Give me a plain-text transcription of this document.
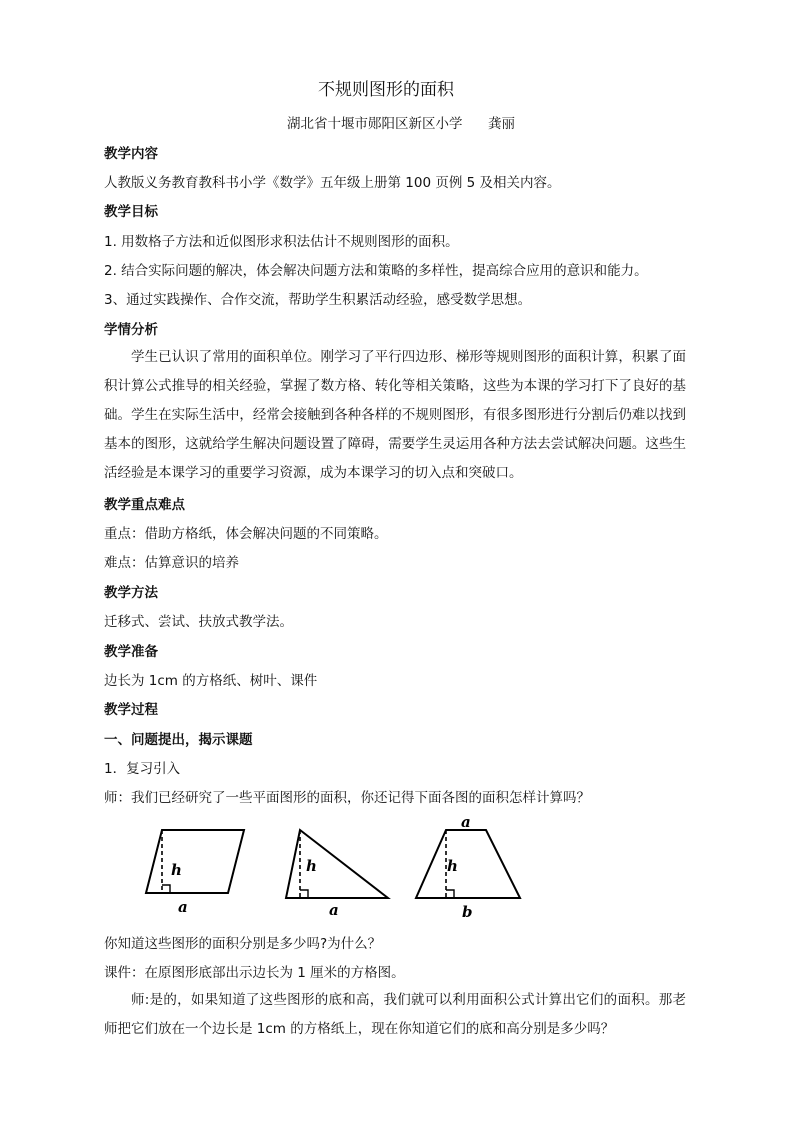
不规则图形的面积
湖北省十堰市郧阳区新区小学 龚丽
教学内容
人教版义务教育教科书小学《数学》五年级上册第 100 页例 5 及相关内容。
教学目标
1. 用数格子方法和近似图形求积法估计不规则图形的面积。
2. 结合实际问题的解决，体会解决问题方法和策略的多样性，提高综合应用的意识和能力。
3、通过实践操作、合作交流，帮助学生积累活动经验，感受数学思想。
学情分析
学生已认识了常用的面积单位。刚学习了平行四边形、梯形等规则图形的面积计算，积累了面积计算公式推导的相关经验，掌握了数方格、转化等相关策略，这些为本课的学习打下了良好的基础。学生在实际生活中，经常会接触到各种各样的不规则图形，有很多图形进行分割后仍难以找到基本的图形，这就给学生解决问题设置了障碍，需要学生灵运用各种方法去尝试解决问题。这些生活经验是本课学习的重要学习资源，成为本课学习的切入点和突破口。
教学重点难点
重点：借助方格纸，体会解决问题的不同策略。
难点：估算意识的培养
教学方法
迁移式、尝试、扶放式教学法。
教学准备
边长为 1cm 的方格纸、树叶、课件
教学过程
一、问题提出，揭示课题
1．复习引入
师：我们已经研究了一些平面图形的面积，你还记得下面各图的面积怎样计算吗？
h
a
h
a
a
h
b
你知道这些图形的面积分别是多少吗?为什么？
课件：在原图形底部出示边长为 1 厘米的方格图。
师:是的，如果知道了这些图形的底和高，我们就可以利用面积公式计算出它们的面积。那老师把它们放在一个边长是 1cm 的方格纸上，现在你知道它们的底和高分别是多少吗？
